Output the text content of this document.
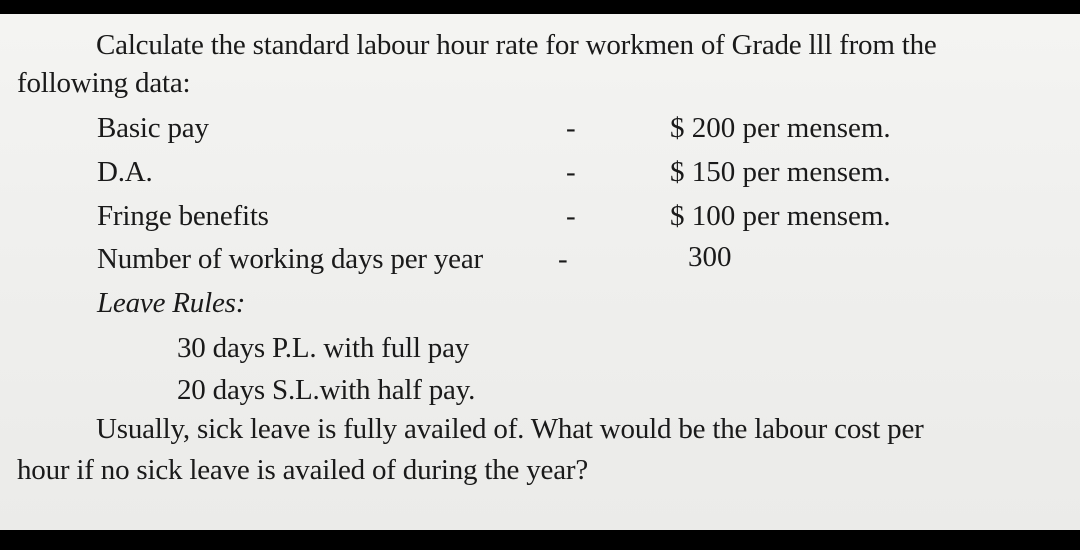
Calculate the standard labour hour rate for workmen of Grade lll from the
following data:
Basic pay	-	$ 200 per mensem.
D.A.	-	$ 150 per mensem.
Fringe benefits	-	$ 100 per mensem.
Number of working days per year	-	300
Leave Rules:
30 days P.L. with full pay
20 days S.L.with half pay.
Usually, sick leave is fully availed of. What would be the labour cost per
hour if no sick leave is availed of during the year?
